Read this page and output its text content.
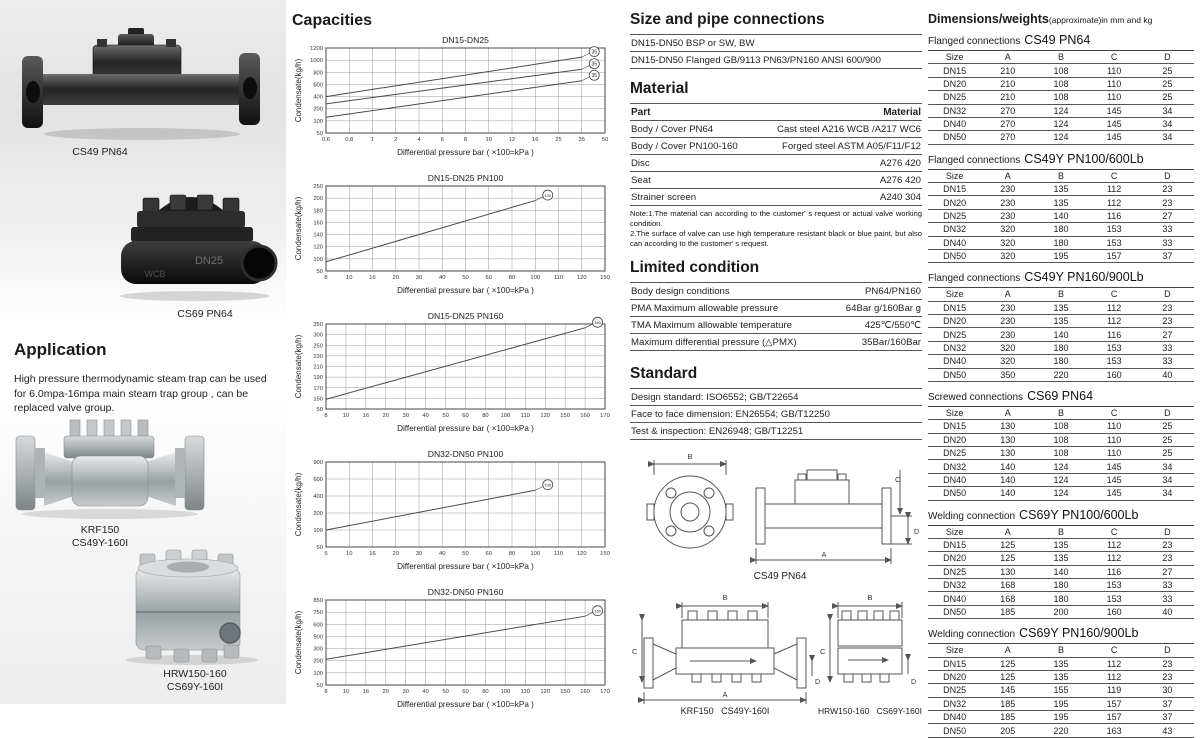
CS49 PN64
DN25
WCB
CS69 PN64
Application
High pressure thermodynamic steam trap can be used for 6.0mpa-16mpa main steam trap group , can be replaced valve group.
KRF150
CS49Y-160I
HRW150-160
CS69Y-160I
Capacities
DN15-DN25
Condensate(kg/h)
0.6	0.8	1	2	4	6	8	10	12	16	25	35	50
50
100
200
400
600
800
1000
1200
35
35
35
Differential pressure bar ( ×100=kPa )
DN15-DN25 PN100
Condensate(kg/h)
8	10	16	20	30	40	50	60	80	100 110 120 150
50
100
120
140
160
180
200
250
100
Differential pressure bar ( ×100=kPa )
DN15-DN25 PN160
Condensate(kg/h)
8	10 16 20 30 40 50 60 80 100 110 120 150 160 170
50
150
170
190
210
230
250
300
350	160
Differential pressure bar ( ×100=kPa )
DN32-DN50 PN100
Condensate(kg/h)
5	10	16	20	30	40	50	60	80	100 110 120 150
50
100
200
400
600
900
100
Differential pressure bar ( ×100=kPa )
DN32-DN50 PN160
Condensate(kg/h)
8	10 16 20 30 40 50 60 80 100 110 120 150 160 170
50
100
200
300
500
600
750
850
160
Differential pressure bar ( ×100=kPa )
Size and pipe connections
DN15-DN50 BSP or SW, BW
DN15-DN50 Flanged GB/9113 PN63/PN160 ANSI 600/900
Material
Part	Material
Body / Cover PN64	Cast steel A216 WCB /A217 WC6
Body / Cover PN100-160	Forged steel ASTM A05/F11/F12
Disc	A276 420
Seat	A276 420
Strainer screen	A240 304
Note:1.The material can according to the customer' s request or actual valve working condition.
2.The surface of valve can use high temperature resistant black or blue paint, but also can according to the customer' s request.
Limited condition
Body design conditions	PN64/PN160
PMA Maximum allowable pressure	64Bar g/160Bar g
TMA Maximum allowable temperature	425℃/550℃
Maximum differential pressure (△PMX)	35Bar/160Bar
Standard
Design standard: ISO6552; GB/T22654
Face to face dimension: EN26554; GB/T12250
Test & inspection: EN26948; GB/T12251
B
C
D
A
CS49 PN64
B
C
D
A
KRF150   CS49Y-160I
B
C
D
HRW150-160   CS69Y-160I
Dimensions/weights(approximate)in mm and kg
Flanged connections CS49 PN64
Size	A	B	C	D
DN15	210	108	110	25
DN20	210	108	110	25
DN25	210	108	110	25
DN32	270	124	145	34
DN40	270	124	145	34
DN50	270	124	145	34
Flanged connections CS49Y PN100/600Lb
Size	A	B	C	D
DN15	230	135	112	23
DN20	230	135	112	23
DN25	230	140	116	27
DN32	320	180	153	33
DN40	320	180	153	33
DN50	320	195	157	37
Flanged connections CS49Y PN160/900Lb
Size	A	B	C	D
DN15	230	135	112	23
DN20	230	135	112	23
DN25	230	140	116	27
DN32	320	180	153	33
DN40	320	180	153	33
DN50	350	220	160	40
Screwed connections CS69 PN64
Size	A	B	C	D
DN15	130	108	110	25
DN20	130	108	110	25
DN25	130	108	110	25
DN32	140	124	145	34
DN40	140	124	145	34
DN50	140	124	145	34
Welding connection CS69Y PN100/600Lb
Size	A	B	C	D
DN15	125	135	112	23
DN20	125	135	112	23
DN25	130	140	116	27
DN32	168	180	153	33
DN40	168	180	153	33
DN50	185	200	160	40
Welding connection CS69Y PN160/900Lb
Size	A	B	C	D
DN15	125	135	112	23
DN20	125	135	112	23
DN25	145	155	119	30
DN32	185	195	157	37
DN40	185	195	157	37
DN50	205	220	163	43
